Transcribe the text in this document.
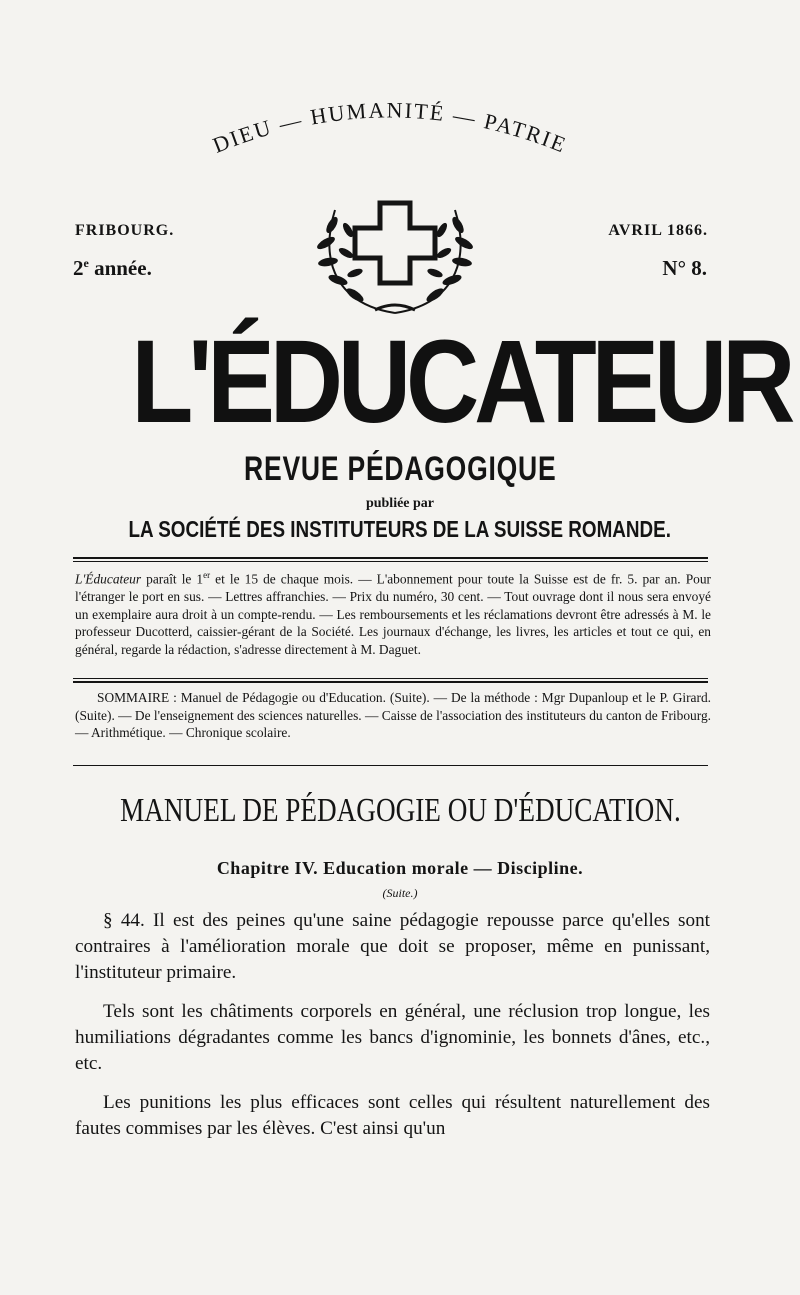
DIEU — HUMANITÉ — PATRIE
FRIBOURG.	AVRIL 1866.
2e année.	N° 8.
L'ÉDUCATEUR
REVUE PÉDAGOGIQUE
publiée par
LA SOCIÉTÉ DES INSTITUTEURS DE LA SUISSE ROMANDE.
L'Éducateur paraît le 1er et le 15 de chaque mois. — L'abonnement pour toute la Suisse est de fr. 5. par an. Pour l'étranger le port en sus. — Lettres affranchies. — Prix du numéro, 30 cent. — Tout ouvrage dont il nous sera envoyé un exemplaire aura droit à un compte-rendu. — Les remboursements et les réclamations devront être adressés à M. le professeur Ducotterd, caissier-gérant de la Société. Les journaux d'échange, les livres, les articles et tout ce qui, en général, regarde la rédaction, s'adresse directement à M. Daguet.
SOMMAIRE : Manuel de Pédagogie ou d'Education. (Suite). — De la méthode : Mgr Dupanloup et le P. Girard. (Suite). — De l'enseignement des sciences naturelles. — Caisse de l'association des instituteurs du canton de Fribourg. — Arithmétique. — Chronique scolaire.
MANUEL DE PÉDAGOGIE OU D'ÉDUCATION.
Chapitre IV. Education morale — Discipline.
(Suite.)

§ 44. Il est des peines qu'une saine pédagogie repousse parce qu'elles sont contraires à l'amélioration morale que doit se proposer, même en punissant, l'instituteur primaire.

Tels sont les châtiments corporels en général, une réclusion trop longue, les humiliations dégradantes comme les bancs d'ignominie, les bonnets d'ânes, etc., etc.

Les punitions les plus efficaces sont celles qui résultent naturellement des fautes commises par les élèves. C'est ainsi qu'un
